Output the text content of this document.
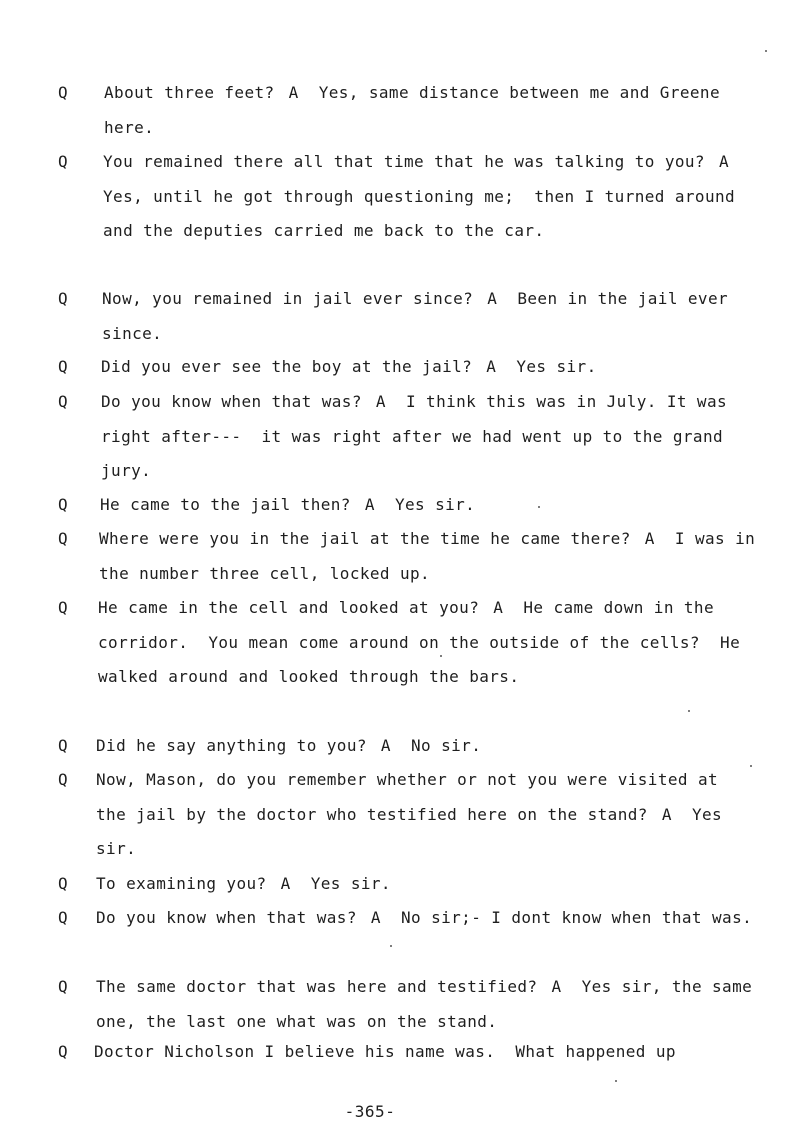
Q About three feet? A Yes, same distance between me and Greene here.
Q You remained there all that time that he was talking to you? A  Yes, until he got through questioning me;  then I turned around and the deputies carried me back to the car.
Q Now, you remained in jail ever since? A Been in the jail ever since.
Q Did you ever see the boy at the jail? A Yes sir.
Q Do you know when that was? A I think this was in July. It was right after---  it was right after we had went up to the grand jury.
Q He came to the jail then? A Yes sir.
Q Where were you in the jail at the time he came there? A I was in the number three cell, locked up.
Q He came in the cell and looked at you? A He came down in the corridor.  You mean come around on the outside of the cells?  He walked around and looked through the bars.
Q Did he say anything to you? A No sir.
Q Now, Mason, do you remember whether or not you were visited at the jail by the doctor who testified here on the stand? A Yes sir.
Q To examining you? A Yes sir.
Q Do you know when that was? A No sir;- I dont know when that was.
Q The same doctor that was here and testified? A Yes sir, the same one, the last one what was on the stand.
Q Doctor Nicholson I believe his name was.  What happened up
-365-
